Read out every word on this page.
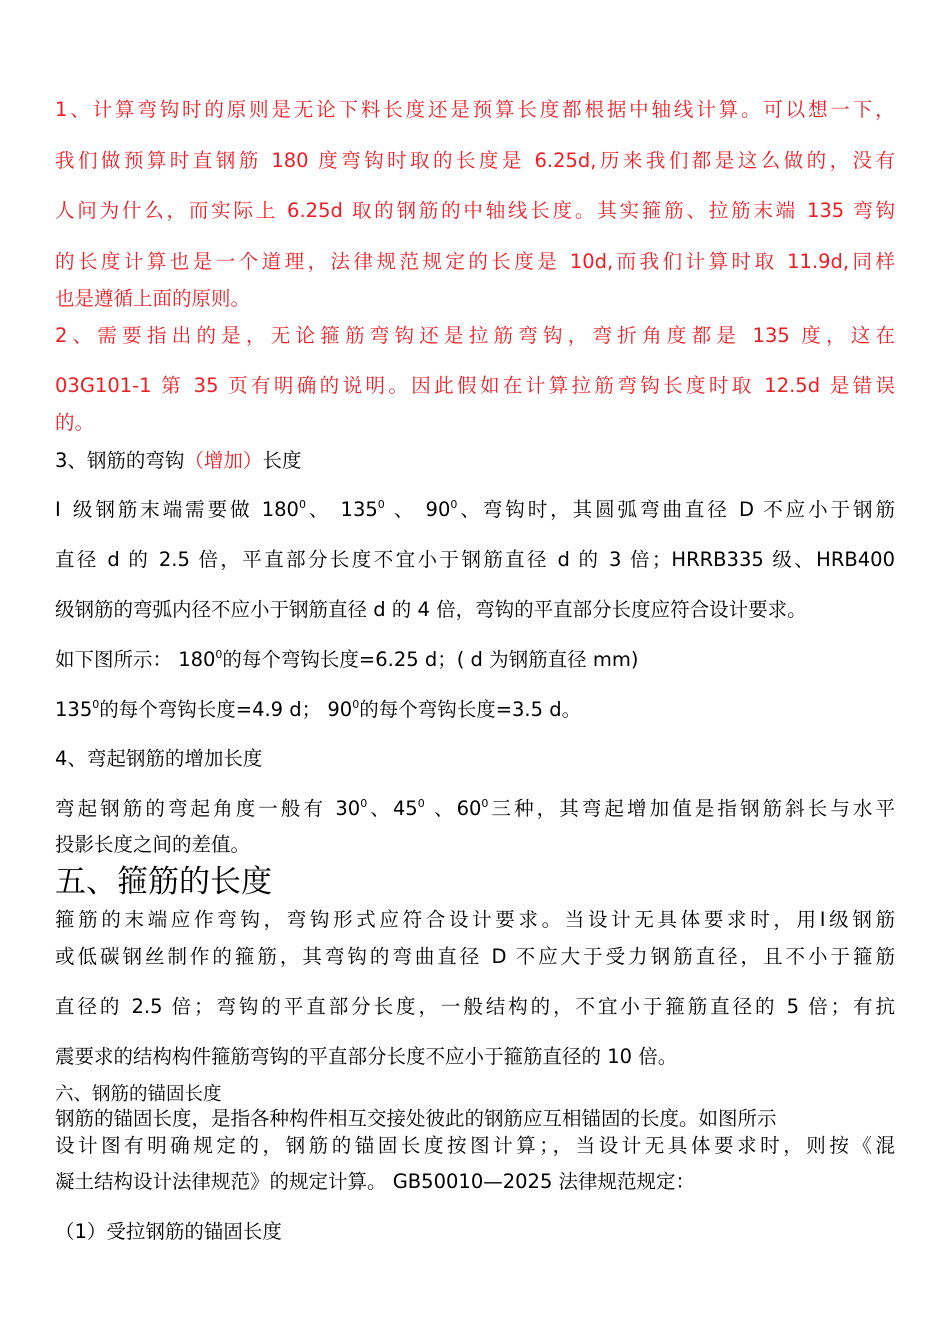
1、计算弯钩时的原则是无论下料长度还是预算长度都根据中轴线计算。可以想一下，
我们做预算时直钢筋 180 度弯钩时取的长度是 6.25d,历来我们都是这么做的，没有
人问为什么，而实际上 6.25d 取的钢筋的中轴线长度。其实箍筋、拉筋末端 135 弯钩
的长度计算也是一个道理，法律规范规定的长度是 10d,而我们计算时取 11.9d,同样
也是遵循上面的原则。
2、需要指出的是，无论箍筋弯钩还是拉筋弯钩，弯折角度都是 135 度，这在
03G101-1 第 35 页有明确的说明。因此假如在计算拉筋弯钩长度时取 12.5d 是错误
的。
3、钢筋的弯钩（增加）长度
Ⅰ 级钢筋末端需要做 $180^0$、 $135^0$ 、 $90^0$、弯钩时，其圆弧弯曲直径 D 不应小于钢筋
直径 d 的 2.5 倍，平直部分长度不宜小于钢筋直径 d 的 3 倍；HRRB335 级、HRB400
级钢筋的弯弧内径不应小于钢筋直径 d 的 4 倍，弯钩的平直部分长度应符合设计要求。
如下图所示： $180^0$的每个弯钩长度=6.25 d；( d 为钢筋直径 mm)
$135^0$的每个弯钩长度=4.9 d； $90^0$的每个弯钩长度=3.5 d。
4、弯起钢筋的增加长度
弯起钢筋的弯起角度一般有 $30^0$、$45^0$ 、$60^0$三种，其弯起增加值是指钢筋斜长与水平
投影长度之间的差值。
五、箍筋的长度
箍筋的末端应作弯钩，弯钩形式应符合设计要求。当设计无具体要求时，用Ⅰ级钢筋
或低碳钢丝制作的箍筋，其弯钩的弯曲直径 D 不应大于受力钢筋直径，且不小于箍筋
直径的 2.5 倍；弯钩的平直部分长度，一般结构的，不宜小于箍筋直径的 5 倍；有抗
震要求的结构构件箍筋弯钩的平直部分长度不应小于箍筋直径的 10 倍。
六、钢筋的锚固长度
钢筋的锚固长度，是指各种构件相互交接处彼此的钢筋应互相锚固的长度。如图所示
设计图有明确规定的，钢筋的锚固长度按图计算；，当设计无具体要求时，则按《混
凝土结构设计法律规范》的规定计算。 GB50010—2025 法律规范规定：
（1）受拉钢筋的锚固长度
